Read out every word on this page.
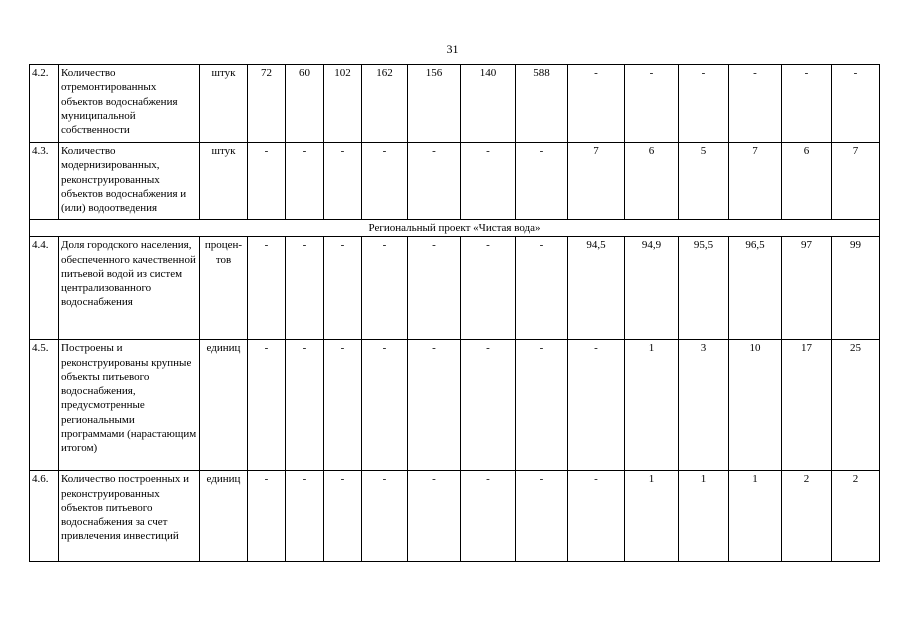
31
4.2.	Количество отремонтированных объектов водоснабжения муниципальной собственности	штук	72	60	102	162	156	140	588	-	-	-	-	-	-
4.3.	Количество модернизированных, реконструированных объектов водоснабжения и (или) водоотведения	штук	-	-	-	-	-	-	-	7	6	5	7	6	7
Региональный проект «Чистая вода»															
4.4.	Доля городского населения, обеспеченного качественной питьевой водой из систем централизованного водоснабжения	процен-тов	-	-	-	-	-	-	-	94,5	94,9	95,5	96,5	97	99
4.5.	Построены и реконструированы крупные объекты питьевого водоснабжения, предусмотренные региональными программами (нарастающим итогом)	единиц	-	-	-	-	-	-	-	-	1	3	10	17	25
4.6.	Количество построенных и реконструированных объектов питьевого водоснабжения за счет привлечения инвестиций	единиц	-	-	-	-	-	-	-	-	1	1	1	2	2
